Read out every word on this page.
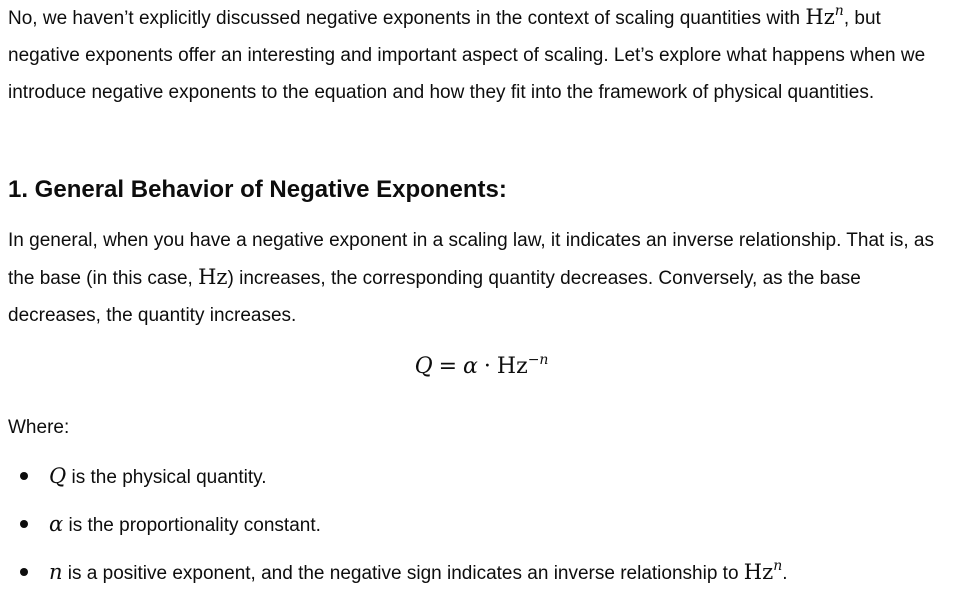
No, we haven’t explicitly discussed negative exponents in the context of scaling quantities with Hz$^n$, but negative exponents offer an interesting and important aspect of scaling. Let’s explore what happens when we introduce negative exponents to the equation and how they fit into the framework of physical quantities.

1. General Behavior of Negative Exponents:

In general, when you have a negative exponent in a scaling law, it indicates an inverse relationship. That is, as the base (in this case, Hz) increases, the corresponding quantity decreases. Conversely, as the base decreases, the quantity increases.

$Q = \alpha \cdot Hz^{-n}$

Where:

Q is the physical quantity.
α is the proportionality constant.
n is a positive exponent, and the negative sign indicates an inverse relationship to Hz$^n$.
